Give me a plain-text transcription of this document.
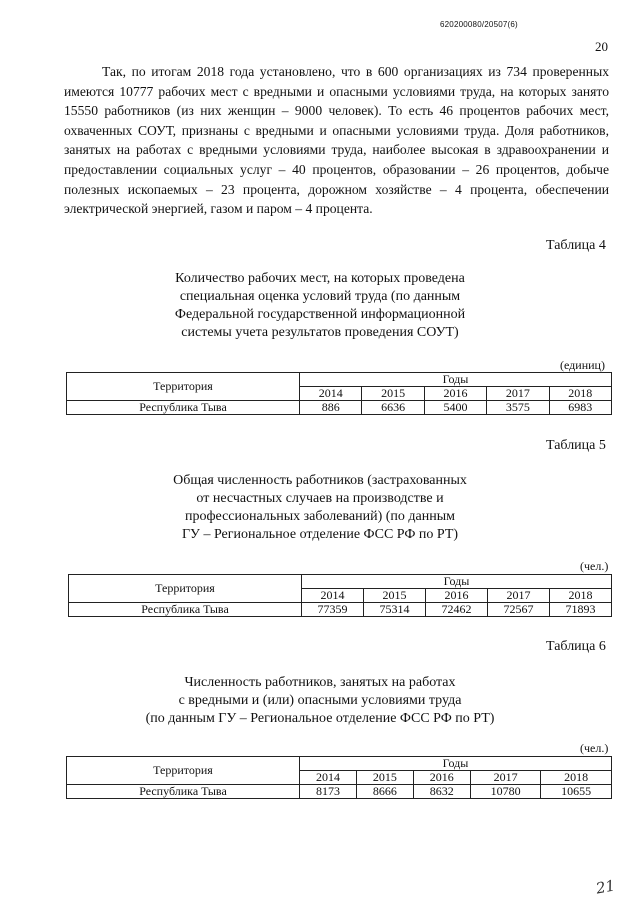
620200080/20507(6)
20

Так, по итогам 2018 года установлено, что в 600 организациях из 734 проверенных имеются 10777 рабочих мест с вредными и опасными условиями труда, на которых занято 15550 работников (из них женщин – 9000 человек). То есть 46 процентов рабочих мест, охваченных СОУТ, признаны с вредными и опасными условиями труда. Доля работников, занятых на работах с вредными условиями труда, наиболее высокая в здравоохранении и предоставлении социальных услуг – 40 процентов, образовании – 26 процентов, добыче полезных ископаемых – 23 процента, дорожном хозяйстве – 4 процента, обеспечении электрической энергией, газом и паром – 4 процента.

Таблица 4
Количество рабочих мест, на которых проведена
специальная оценка условий труда (по данным
Федеральной государственной информационной
системы учета результатов проведения СОУТ)
(единиц)
Территория	Годы				
	2014	2015	2016	2017	2018
Республика Тыва	886	6636	5400	3575	6983
Таблица 5
Общая численность работников (застрахованных
от несчастных случаев на производстве и
профессиональных заболеваний) (по данным
ГУ – Региональное отделение ФСС РФ по РТ)
(чел.)
Территория	Годы				
	2014	2015	2016	2017	2018
Республика Тыва	77359	75314	72462	72567	71893
Таблица 6
Численность работников, занятых на работах
с вредными и (или) опасными условиями труда
(по данным ГУ – Региональное отделение ФСС РФ по РТ)
(чел.)
Территория	Годы				
	2014	2015	2016	2017	2018
Республика Тыва	8173	8666	8632	10780	10655
21
